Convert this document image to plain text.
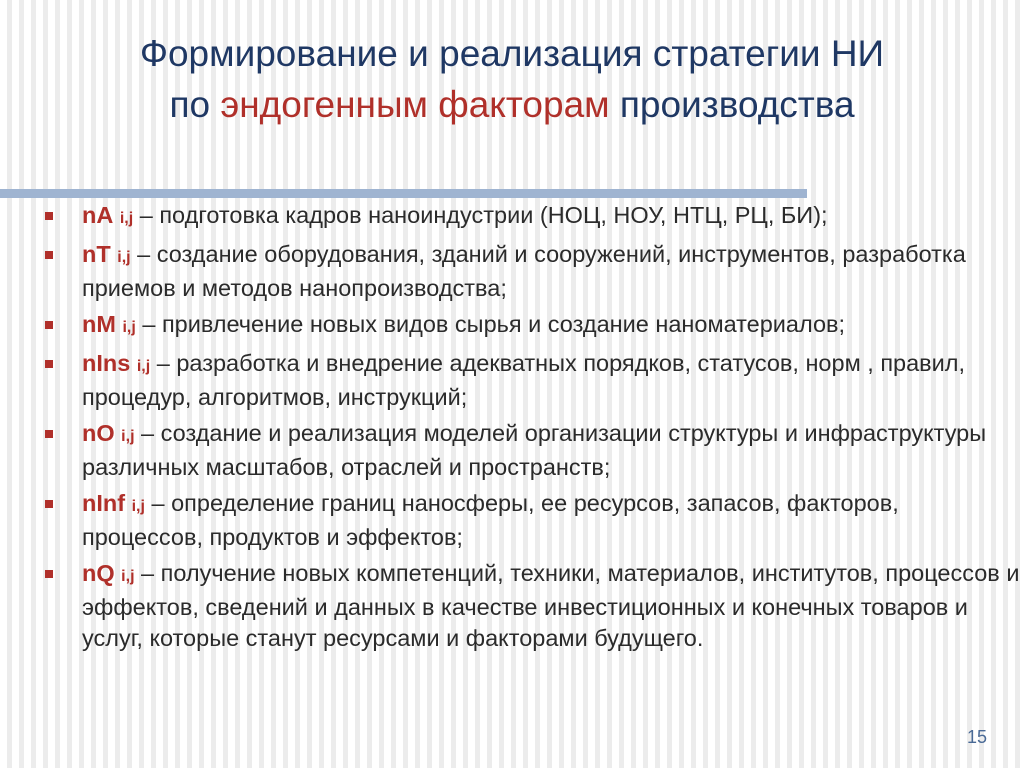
Формирование и реализация стратегии НИ
по эндогенным факторам производства
nA i,j – подготовка кадров наноиндустрии (НОЦ, НОУ, НТЦ, РЦ, БИ);
nT i,j – создание оборудования, зданий и сооружений, инструментов, разработка приемов и методов нанопроизводства;
nM i,j – привлечение новых видов сырья и создание наноматериалов;
nIns i,j – разработка и внедрение адекватных порядков, статусов, норм , правил, процедур, алгоритмов, инструкций;
nO i,j – создание и реализация моделей организации структуры и инфраструктуры различных масштабов, отраслей и пространств;
nInf i,j – определение границ наносферы, ее ресурсов, запасов, факторов, процессов, продуктов и эффектов;
nQ i,j – получение новых компетенций, техники, материалов, институтов, процессов и эффектов, сведений и данных в качестве инвестиционных и конечных товаров и услуг, которые станут ресурсами и факторами будущего.
15
